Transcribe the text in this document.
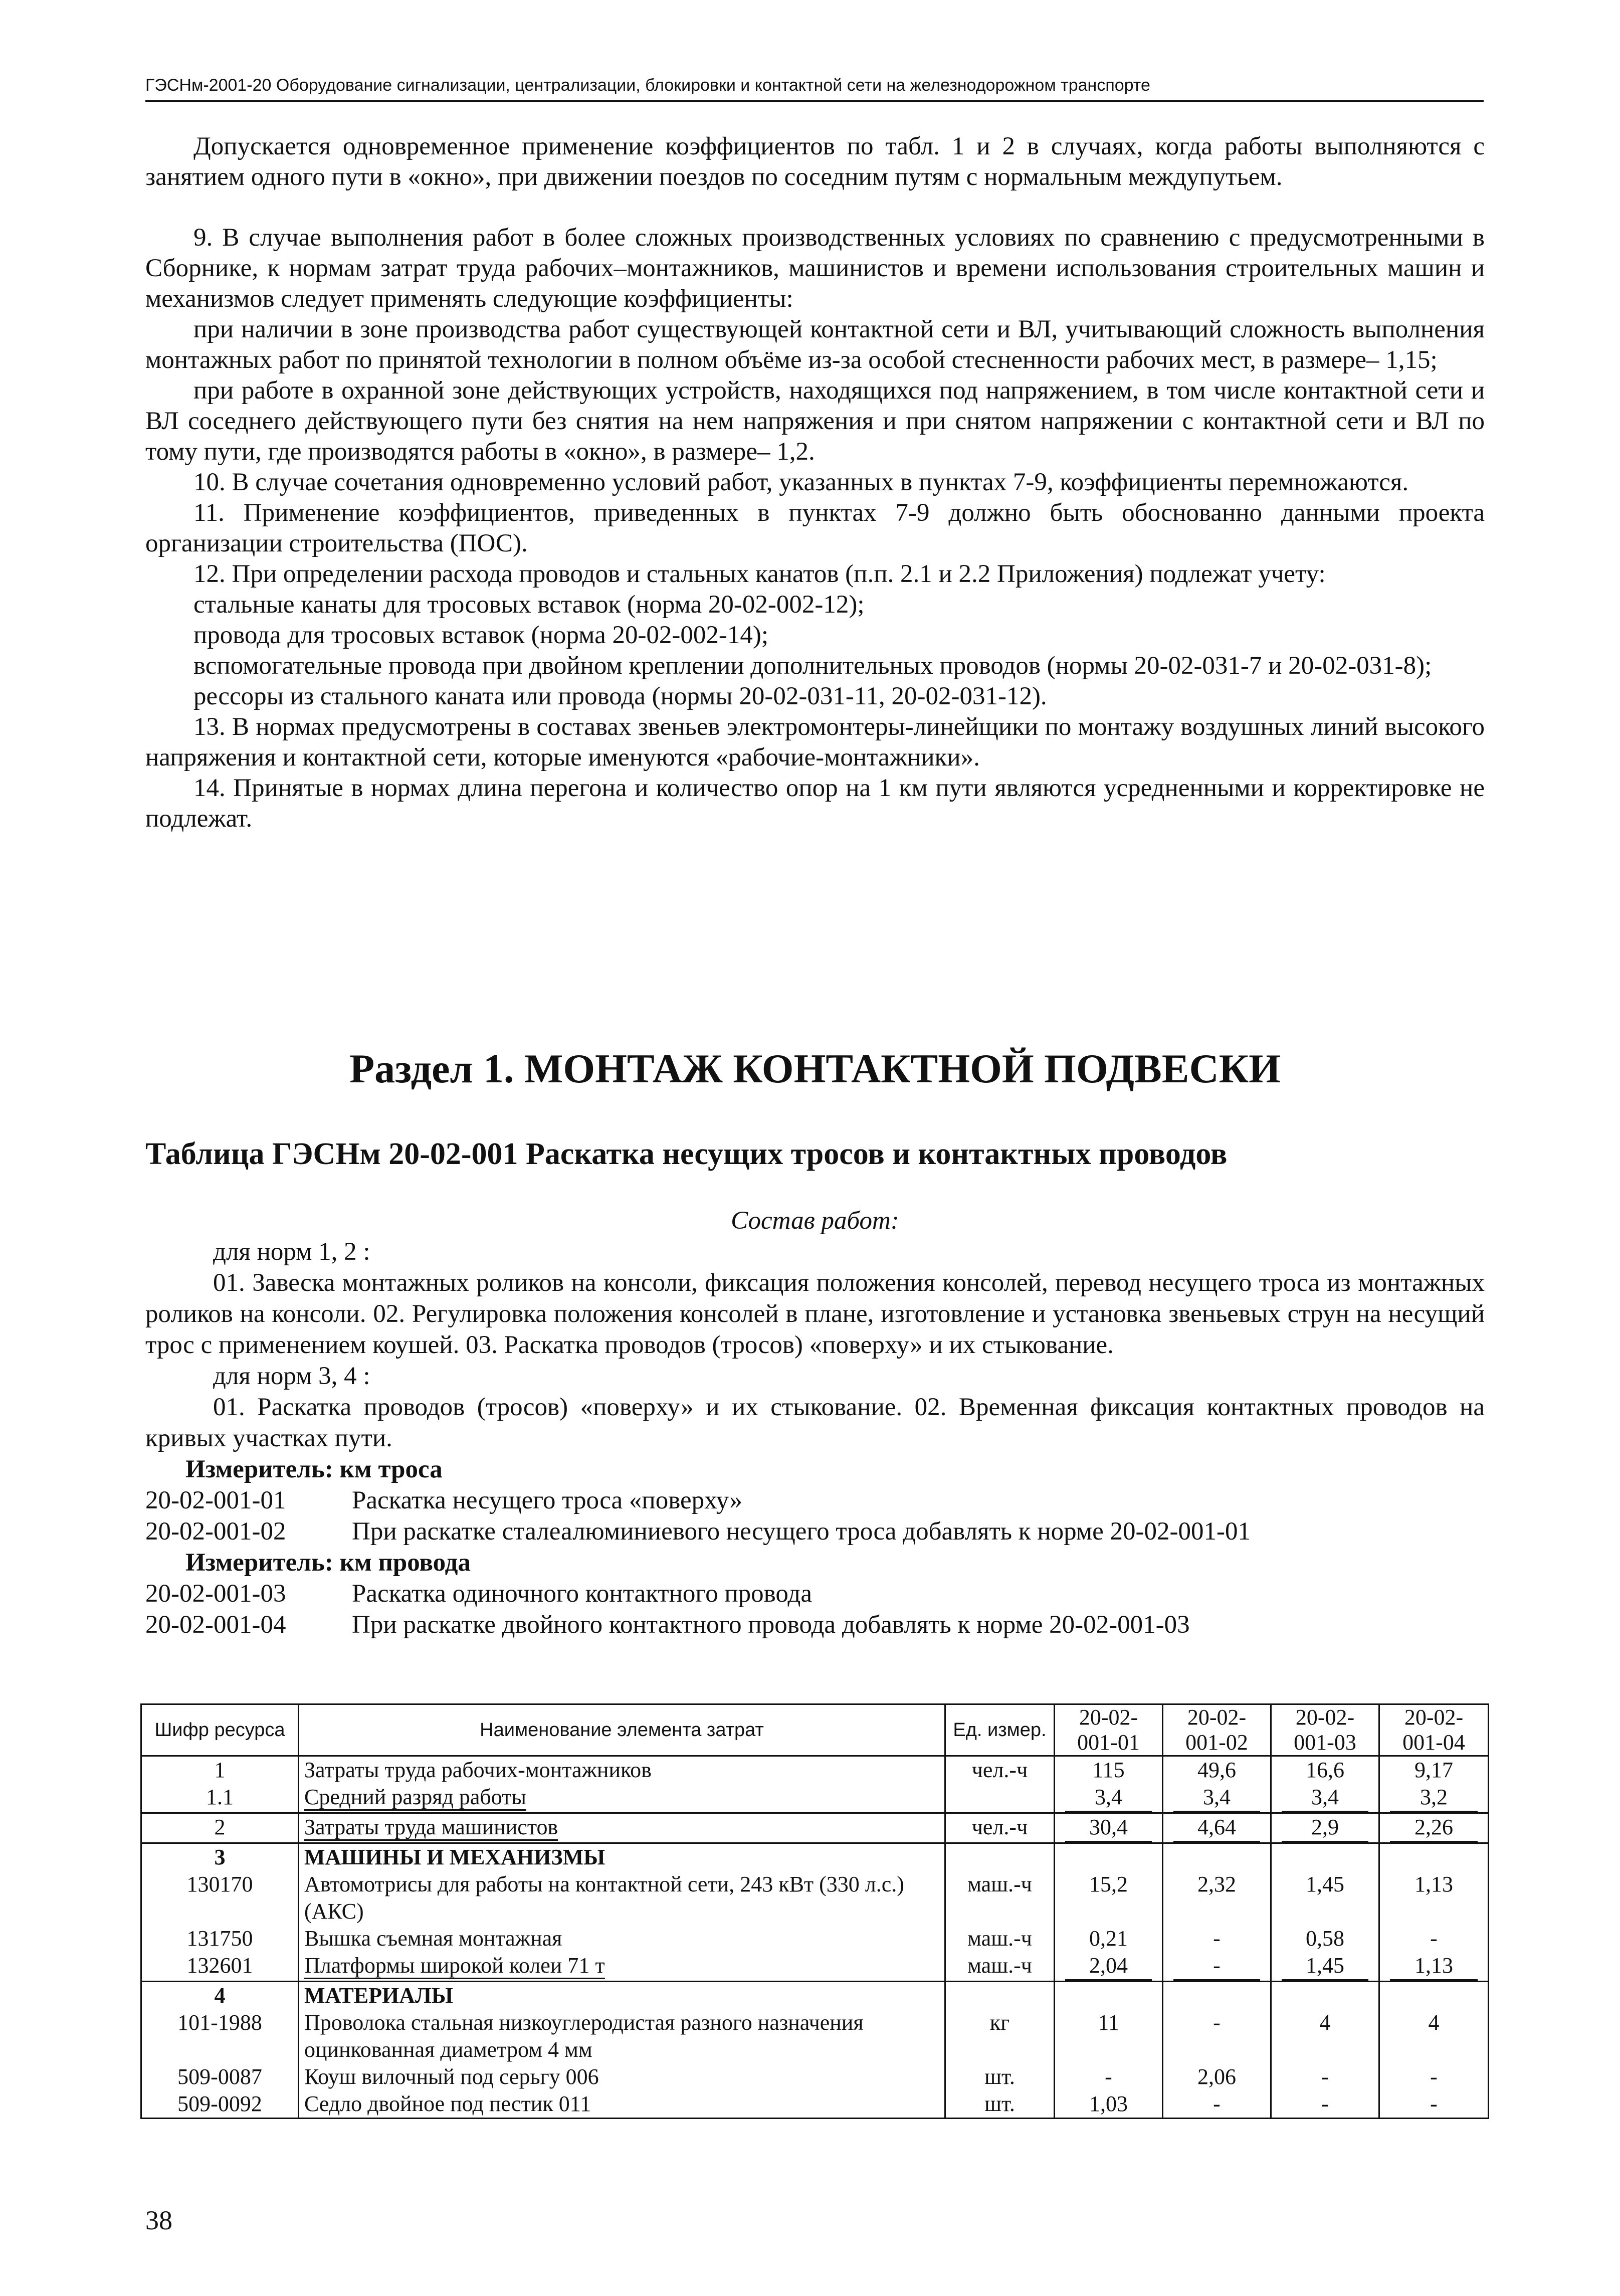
ГЭСНм-2001-20 Оборудование сигнализации, централизации, блокировки и контактной сети на железнодорожном транспорте

Допускается одновременное применение коэффициентов по табл. 1 и 2 в случаях, когда работы выполняются с занятием одного пути в «окно», при движении поездов по соседним путям с нормальным междупутьем.

9. В случае выполнения работ в более сложных производственных условиях по сравнению с предусмотренными в Сборнике, к нормам затрат труда рабочих–монтажников, машинистов и времени использования строительных машин и механизмов следует применять следующие коэффициенты:

при наличии в зоне производства работ существующей контактной сети и ВЛ, учитывающий сложность выполнения монтажных работ по принятой технологии в полном объёме из-за особой стесненности рабочих мест, в размере– 1,15;

при работе в охранной зоне действующих устройств, находящихся под напряжением, в том числе контактной сети и ВЛ соседнего действующего пути без снятия на нем напряжения и при снятом напряжении с контактной сети и ВЛ по тому пути, где производятся работы в «окно», в размере– 1,2.

10. В случае сочетания одновременно условий работ, указанных в пунктах 7-9, коэффициенты перемножаются.

11. Применение коэффициентов, приведенных в пунктах 7-9 должно быть обоснованно данными проекта организации строительства (ПОС).

12. При определении расхода проводов и стальных канатов (п.п. 2.1 и 2.2 Приложения) подлежат учету:

стальные канаты для тросовых вставок (норма 20-02-002-12);

провода для тросовых вставок (норма 20-02-002-14);

вспомогательные провода при двойном креплении дополнительных проводов (нормы 20-02-031-7 и 20-02-031-8);

рессоры из стального каната или провода (нормы 20-02-031-11, 20-02-031-12).

13. В нормах предусмотрены в составах звеньев электромонтеры-линейщики по монтажу воздушных линий высокого напряжения и контактной сети, которые именуются «рабочие-монтажники».

14. Принятые в нормах длина перегона и количество опор на 1 км пути являются усредненными и корректировке не подлежат.

Раздел 1. МОНТАЖ КОНТАКТНОЙ ПОДВЕСКИ
Таблица ГЭСНм 20-02-001 Раскатка несущих тросов и контактных проводов

Состав работ:

для норм 1, 2 :

01. Завеска монтажных роликов на консоли, фиксация положения консолей, перевод несущего троса из монтажных роликов на консоли. 02. Регулировка положения консолей в плане, изготовление и установка звеньевых струн на несущий трос с применением коушей. 03. Раскатка проводов (тросов) «поверху» и их стыкование.

для норм 3, 4 :

01. Раскатка проводов (тросов) «поверху» и их стыкование. 02. Временная фиксация контактных проводов на кривых участках пути.

Измеритель: км троса

20-02-001-01	Раскатка несущего троса «поверху»
20-02-001-02	При раскатке сталеалюминиевого несущего троса добавлять к норме 20-02-001-01

Измеритель: км провода

20-02-001-03	Раскатка одиночного контактного провода
20-02-001-04	При раскатке двойного контактного провода добавлять к норме 20-02-001-03
Шифр ресурса	Наименование элемента затрат	Ед. измер.	20-02-001-01	20-02-001-02	20-02-001-03	20-02-001-04
1	Затраты труда рабочих-монтажников	чел.-ч	115	49,6	16,6	9,17
1.1	Средний разряд работы		3,4	3,4	3,4	3,2
2	Затраты труда машинистов	чел.-ч	30,4	4,64	2,9	2,26
3	МАШИНЫ И МЕХАНИЗМЫ					
130170	Автомотрисы для работы на контактной сети, 243 кВт (330 л.с.) (АКС)	маш.-ч	15,2	2,32	1,45	1,13
131750	Вышка съемная монтажная	маш.-ч	0,21	-	0,58	-
132601	Платформы широкой колеи 71 т	маш.-ч	2,04	-	1,45	1,13
4	МАТЕРИАЛЫ					
101-1988	Проволока стальная низкоуглеродистая разного назначения оцинкованная диаметром 4 мм	кг	11	-	4	4
509-0087	Коуш вилочный под серьгу 006	шт.	-	2,06	-	-
509-0092	Седло двойное под пестик 011	шт.	1,03	-	-	-
38
